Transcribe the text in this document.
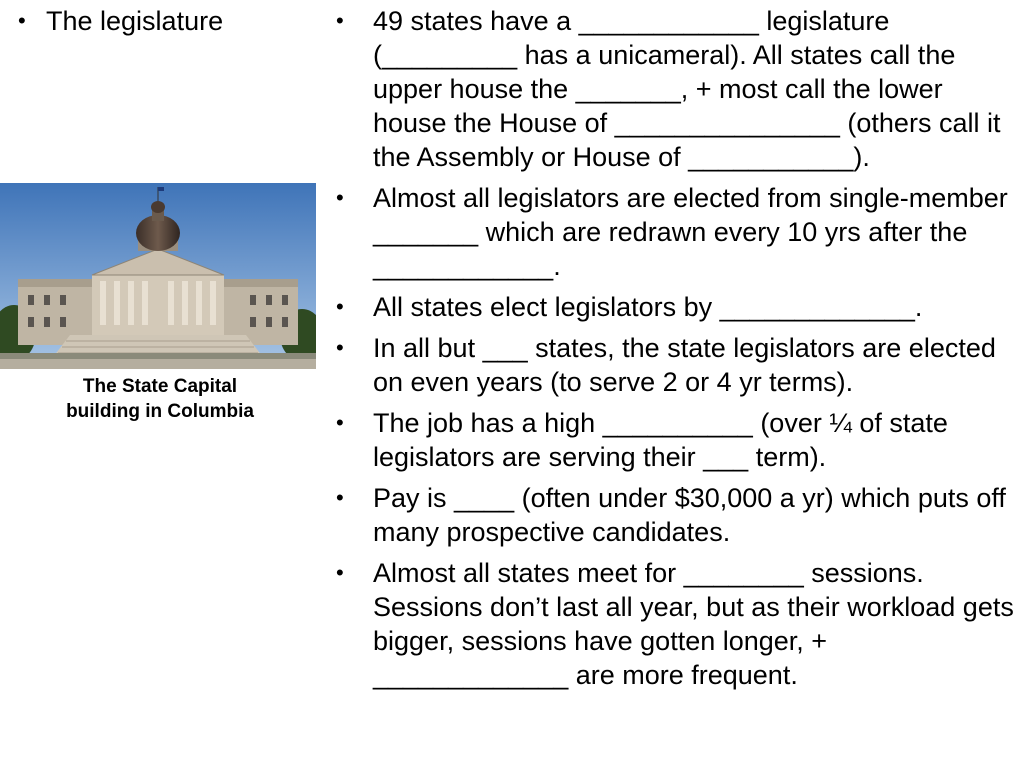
• The legislature
The State Capital
building in Columbia
• 49 states have a ____________ legislature (_________ has a unicameral). All states call the upper house the _______, + most call the lower house the House of _______________ (others call it the Assembly or House of ___________).
• Almost all legislators are elected from single-member _______ which are redrawn every 10 yrs after the ____________.
• All states elect legislators by _____________.
• In all but ___ states, the state legislators are elected on even years (to serve 2 or 4 yr terms).
• The job has a high __________ (over ¼ of state legislators are serving their ___ term).
• Pay is ____ (often under $30,000 a yr) which puts off many prospective candidates.
• Almost all states meet for ________ sessions. Sessions don’t last all year, but as their workload gets bigger, sessions have gotten longer, + _____________ are more frequent.
